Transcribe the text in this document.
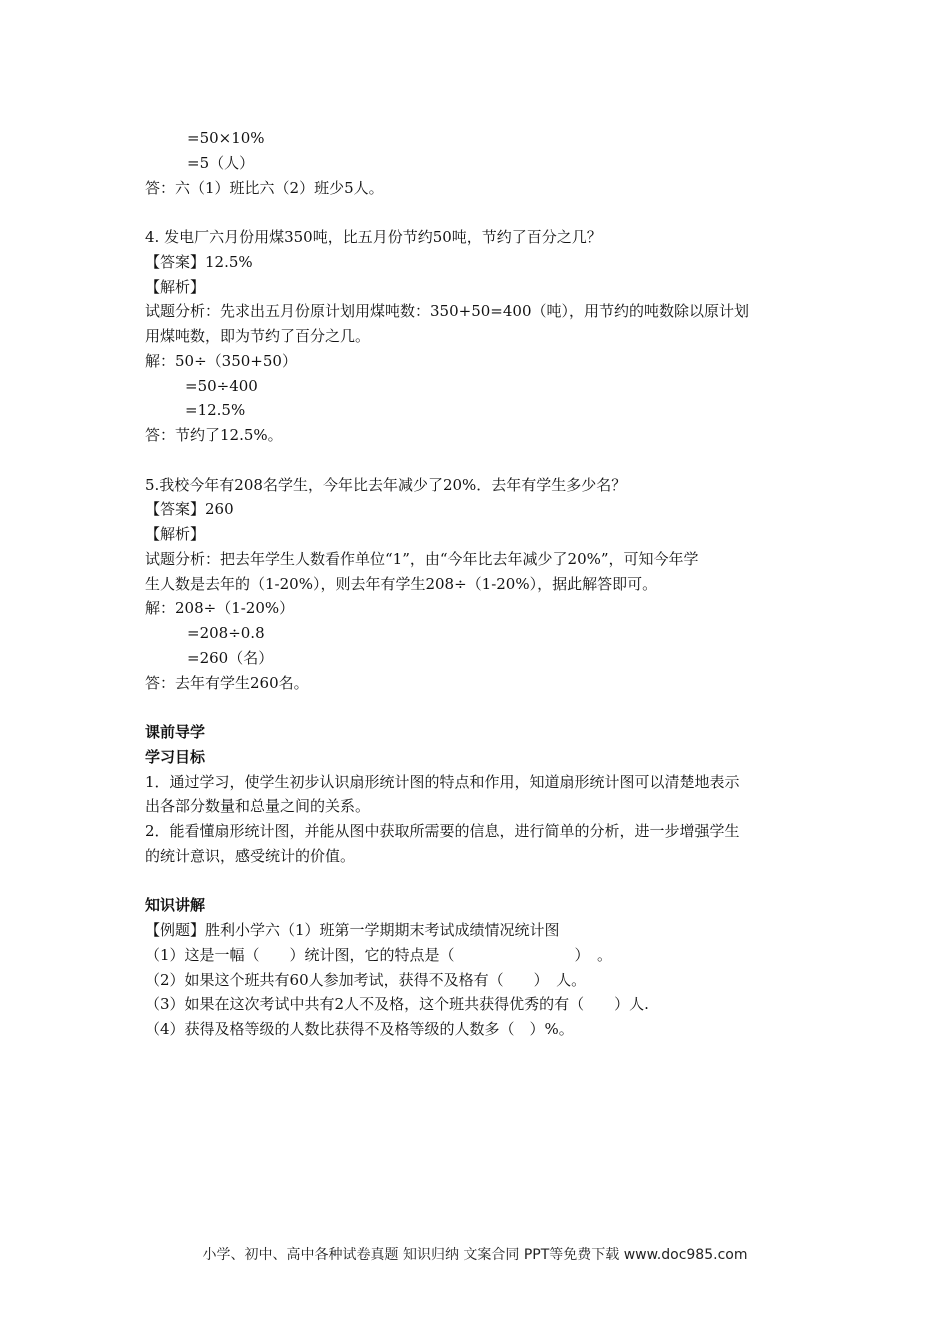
=50×10%
=5（人）
答：六（1）班比六（2）班少5人。
4. 发电厂六月份用煤350吨，比五月份节约50吨，节约了百分之几？
【答案】12.5%
【解析】
试题分析：先求出五月份原计划用煤吨数：350+50=400（吨），用节约的吨数除以原计划
用煤吨数，即为节约了百分之几。
解：50÷（350+50）
=50÷400
=12.5%
答：节约了12.5%。
5.我校今年有208名学生，今年比去年减少了20%．去年有学生多少名？
【答案】260
【解析】
试题分析：把去年学生人数看作单位“1”，由“今年比去年减少了20%”，可知今年学
生人数是去年的（1-20%），则去年有学生208÷（1-20%），据此解答即可。
解：208÷（1-20%）
=208÷0.8
=260（名）
答：去年有学生260名。
课前导学
学习目标
1．通过学习，使学生初步认识扇形统计图的特点和作用，知道扇形统计图可以清楚地表示
出各部分数量和总量之间的关系。
2．能看懂扇形统计图，并能从图中获取所需要的信息，进行简单的分析，进一步增强学生
的统计意识，感受统计的价值。
知识讲解
【例题】胜利小学六（1）班第一学期期末考试成绩情况统计图
（1）这是一幅（　　）统计图，它的特点是（　　　　　　　　）　。
（2）如果这个班共有60人参加考试，获得不及格有（　　）　人。
（3）如果在这次考试中共有2人不及格，这个班共获得优秀的有（　　）人.
（4）获得及格等级的人数比获得不及格等级的人数多（　）%。
小学、初中、高中各种试卷真题 知识归纳 文案合同 PPT等免费下载 www.doc985.com
